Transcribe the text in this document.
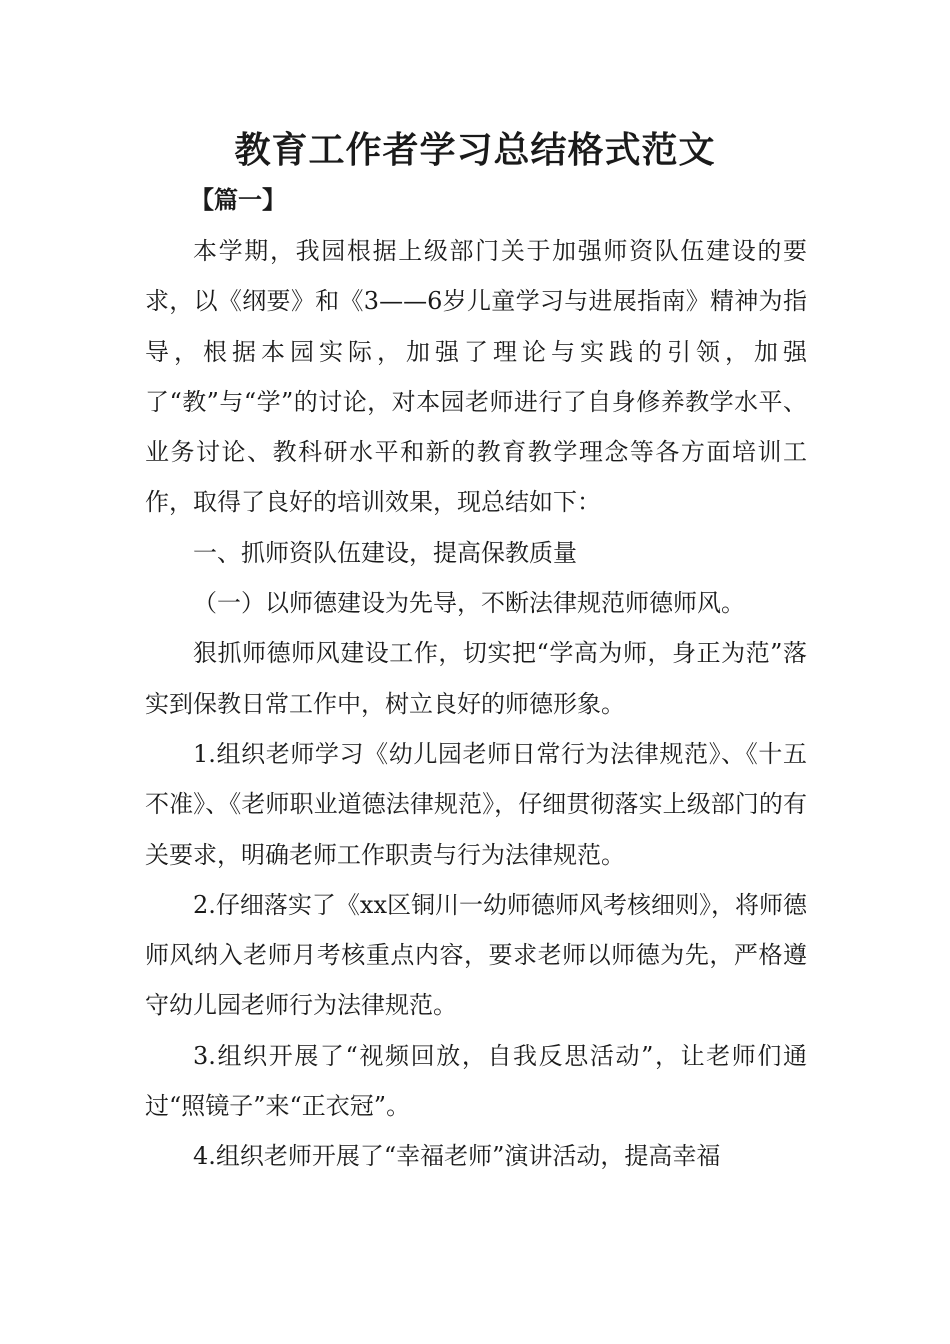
教育工作者学习总结格式范文
【篇一】

本学期，我园根据上级部门关于加强师资队伍建设的要求，以《纲要》和《3——6岁儿童学习与进展指南》精神为指导，根据本园实际，加强了理论与实践的引领，加强了“教”与“学”的讨论，对本园老师进行了自身修养教学水平、业务讨论、教科研水平和新的教育教学理念等各方面培训工作，取得了良好的培训效果，现总结如下：

一、抓师资队伍建设，提高保教质量

（一）以师德建设为先导，不断法律规范师德师风。

狠抓师德师风建设工作，切实把“学高为师，身正为范”落实到保教日常工作中，树立良好的师德形象。

1.组织老师学习《幼儿园老师日常行为法律规范》、《十五不准》、《老师职业道德法律规范》，仔细贯彻落实上级部门的有关要求，明确老师工作职责与行为法律规范。

2.仔细落实了《xx区铜川一幼师德师风考核细则》，将师德师风纳入老师月考核重点内容，要求老师以师德为先，严格遵守幼儿园老师行为法律规范。

3.组织开展了“视频回放，自我反思活动”，让老师们通过“照镜子”来“正衣冠”。

4.组织老师开展了“幸福老师”演讲活动，提高幸福
